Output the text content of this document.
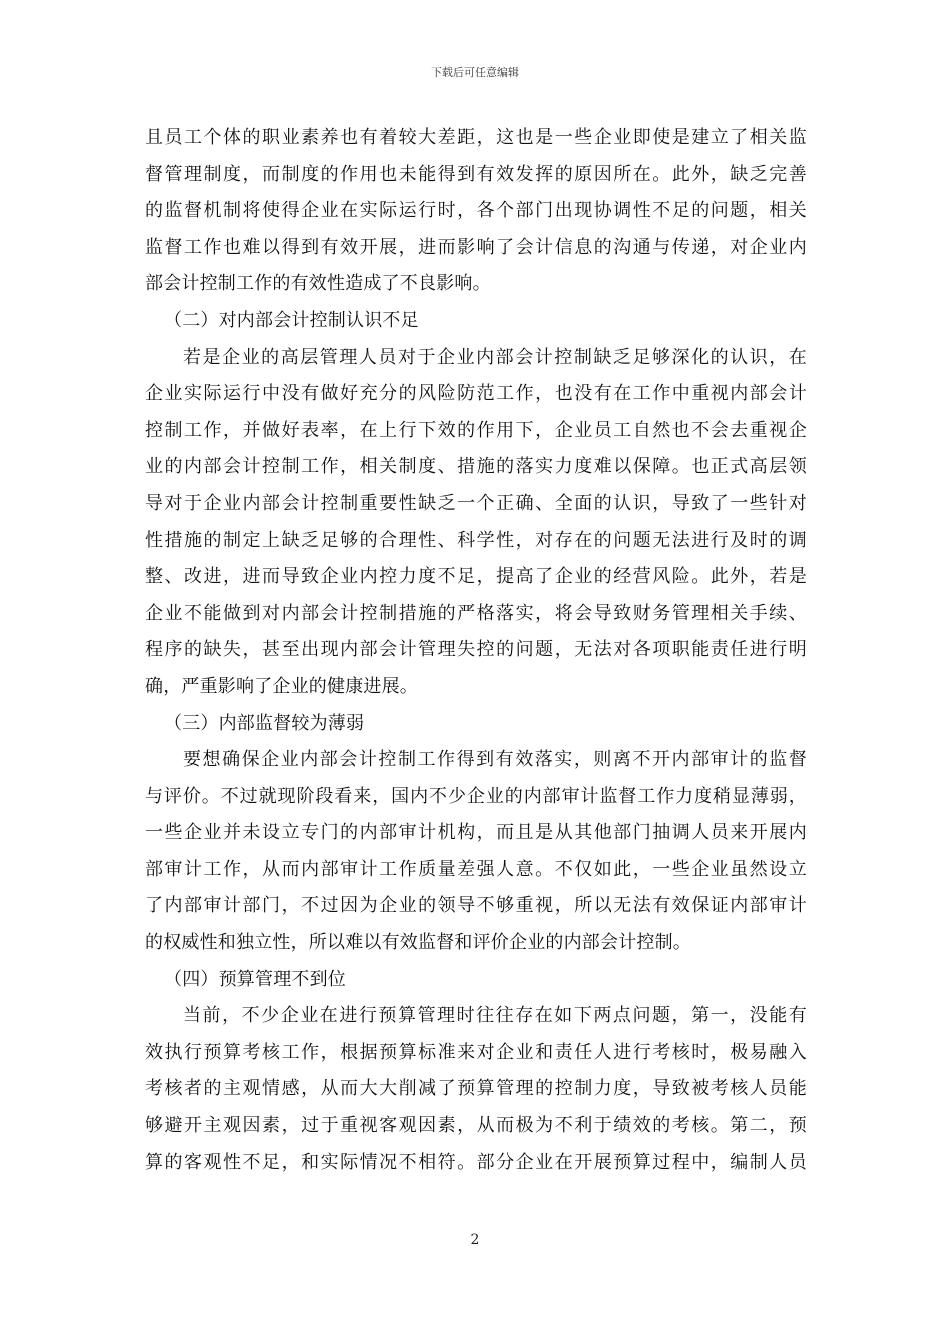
下载后可任意编辑
且员工个体的职业素养也有着较大差距，这也是一些企业即使是建立了相关监
督管理制度，而制度的作用也未能得到有效发挥的原因所在。此外，缺乏完善
的监督机制将使得企业在实际运行时，各个部门出现协调性不足的问题，相关
监督工作也难以得到有效开展，进而影响了会计信息的沟通与传递，对企业内
部会计控制工作的有效性造成了不良影响。
（二）对内部会计控制认识不足
若是企业的高层管理人员对于企业内部会计控制缺乏足够深化的认识，在
企业实际运行中没有做好充分的风险防范工作，也没有在工作中重视内部会计
控制工作，并做好表率，在上行下效的作用下，企业员工自然也不会去重视企
业的内部会计控制工作，相关制度、措施的落实力度难以保障。也正式高层领
导对于企业内部会计控制重要性缺乏一个正确、全面的认识，导致了一些针对
性措施的制定上缺乏足够的合理性、科学性，对存在的问题无法进行及时的调
整、改进，进而导致企业内控力度不足，提高了企业的经营风险。此外，若是
企业不能做到对内部会计控制措施的严格落实，将会导致财务管理相关手续、
程序的缺失，甚至出现内部会计管理失控的问题，无法对各项职能责任进行明
确，严重影响了企业的健康进展。
（三）内部监督较为薄弱
要想确保企业内部会计控制工作得到有效落实，则离不开内部审计的监督
与评价。不过就现阶段看来，国内不少企业的内部审计监督工作力度稍显薄弱，
一些企业并未设立专门的内部审计机构，而且是从其他部门抽调人员来开展内
部审计工作，从而内部审计工作质量差强人意。不仅如此，一些企业虽然设立
了内部审计部门，不过因为企业的领导不够重视，所以无法有效保证内部审计
的权威性和独立性，所以难以有效监督和评价企业的内部会计控制。
（四）预算管理不到位
当前，不少企业在进行预算管理时往往存在如下两点问题，第一，没能有
效执行预算考核工作，根据预算标准来对企业和责任人进行考核时，极易融入
考核者的主观情感，从而大大削减了预算管理的控制力度，导致被考核人员能
够避开主观因素，过于重视客观因素，从而极为不利于绩效的考核。第二，预
算的客观性不足，和实际情况不相符。部分企业在开展预算过程中，编制人员
2
